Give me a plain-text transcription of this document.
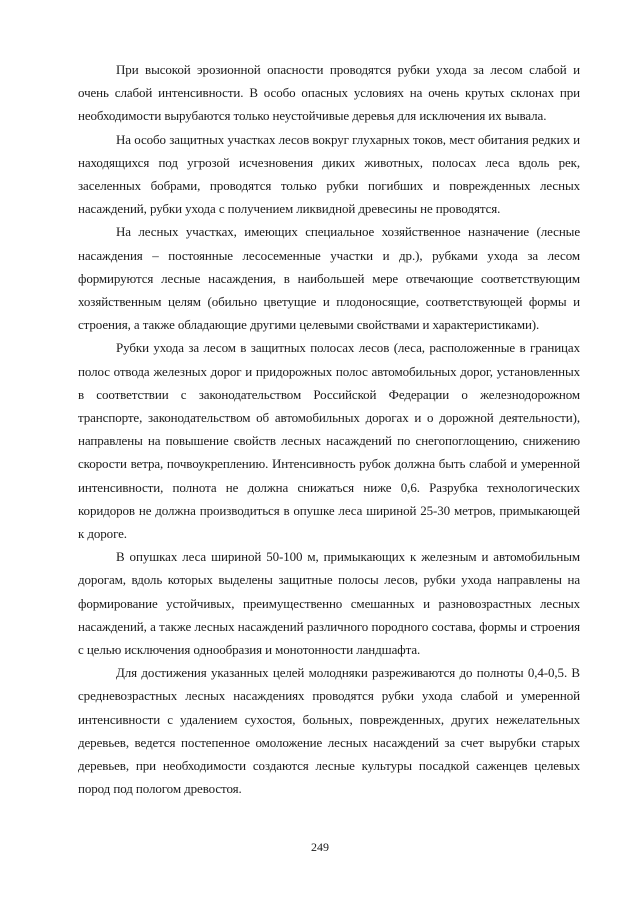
При высокой эрозионной опасности проводятся рубки ухода за лесом слабой и очень слабой интенсивности. В особо опасных условиях на очень крутых склонах при необходимости вырубаются только неустойчивые деревья для исключения их вывала.

На особо защитных участках лесов вокруг глухарных токов, мест обитания редких и находящихся под угрозой исчезновения диких животных, полосах леса вдоль рек, заселенных бобрами, проводятся только рубки погибших и поврежденных лесных насаждений, рубки ухода с получением ликвидной древесины не проводятся.

На лесных участках, имеющих специальное хозяйственное назначение (лесные насаждения – постоянные лесосеменные участки и др.), рубками ухода за лесом формируются лесные насаждения, в наибольшей мере отвечающие соответствующим хозяйственным целям (обильно цветущие и плодоносящие, соответствующей формы и строения, а также обладающие другими целевыми свойствами и характеристиками).

Рубки ухода за лесом в защитных полосах лесов (леса, расположенные в границах полос отвода железных дорог и придорожных полос автомобильных дорог, установленных в соответствии с законодательством Российской Федерации о железнодорожном транспорте, законодательством об автомобильных дорогах и о дорожной деятельности), направлены на повышение свойств лесных насаждений по снегопоглощению, снижению скорости ветра, почвоукреплению. Интенсивность рубок должна быть слабой и умеренной интенсивности, полнота не должна снижаться ниже 0,6. Разрубка технологических коридоров не должна производиться в опушке леса шириной 25-30 метров, примыкающей к дороге.

В опушках леса шириной 50-100 м, примыкающих к железным и автомобильным дорогам, вдоль которых выделены защитные полосы лесов, рубки ухода направлены на формирование устойчивых, преимущественно смешанных и разновозрастных лесных насаждений, а также лесных насаждений различного породного состава, формы и строения с целью исключения однообразия и монотонности ландшафта.

Для достижения указанных целей молодняки разреживаются до полноты 0,4-0,5. В средневозрастных лесных насаждениях проводятся рубки ухода слабой и умеренной интенсивности с удалением сухостоя, больных, поврежденных, других нежелательных деревьев, ведется постепенное омоложение лесных насаждений за счет вырубки старых деревьев, при необходимости создаются лесные культуры посадкой саженцев целевых пород под пологом древостоя.

249
